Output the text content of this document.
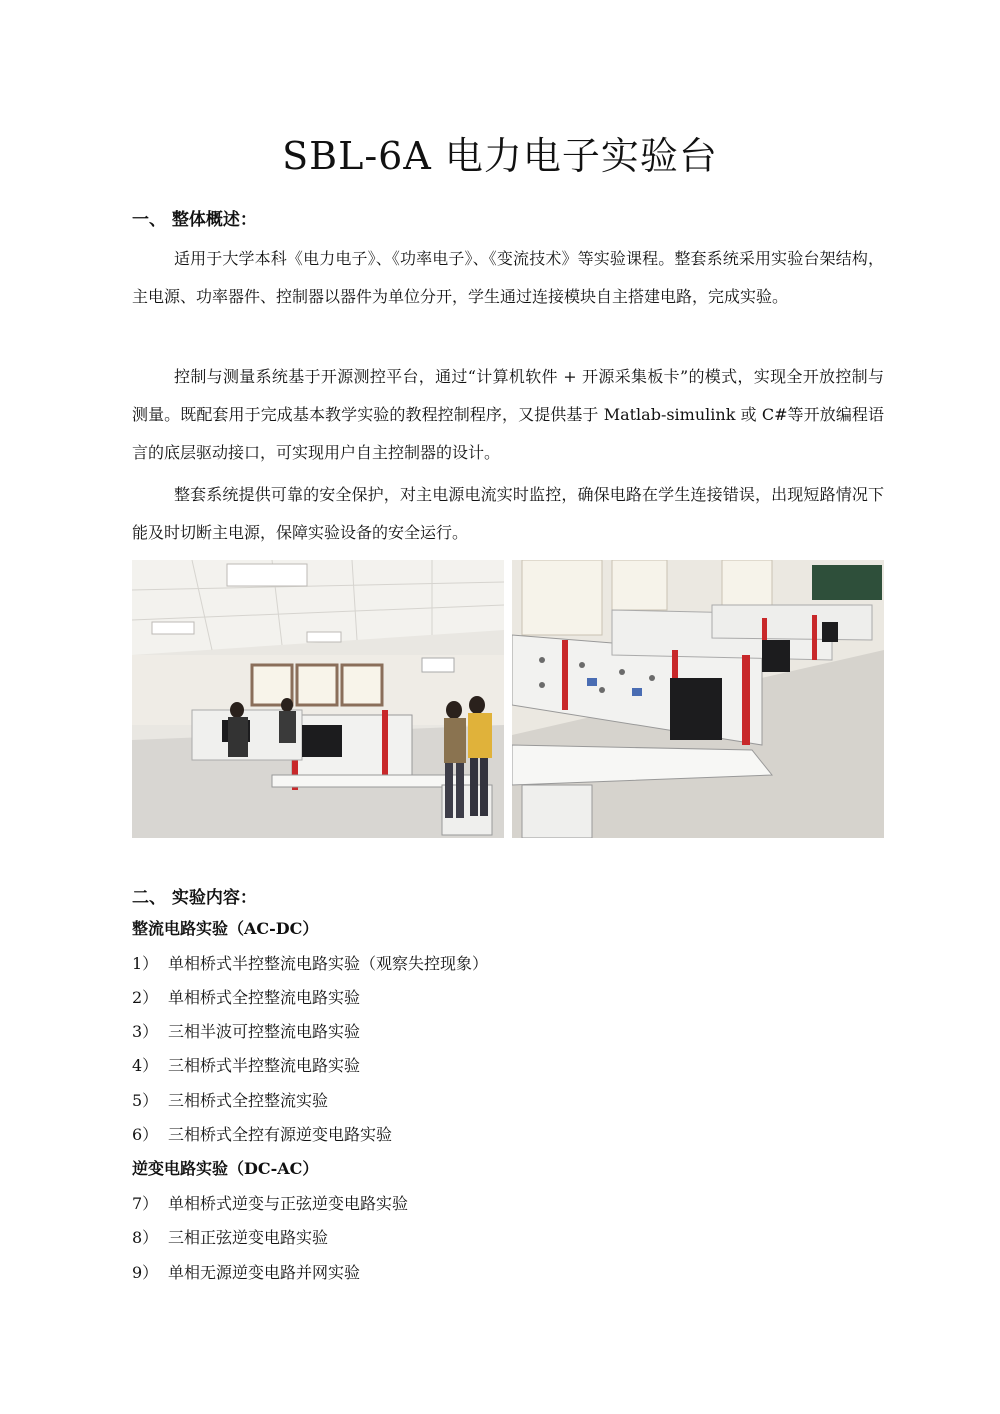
SBL-6A 电力电子实验台
一、 整体概述：
适用于大学本科《电力电子》、《功率电子》、《变流技术》等实验课程。整套系统采用实验台架结构，主电源、功率器件、控制器以器件为单位分开，学生通过连接模块自主搭建电路，完成实验。
控制与测量系统基于开源测控平台，通过“计算机软件 + 开源采集板卡”的模式，实现全开放控制与测量。既配套用于完成基本教学实验的教程控制程序，又提供基于 Matlab-simulink 或 C#等开放编程语言的底层驱动接口，可实现用户自主控制器的设计。
整套系统提供可靠的安全保护，对主电源电流实时监控，确保电路在学生连接错误，出现短路情况下能及时切断主电源，保障实验设备的安全运行。
二、 实验内容：
整流电路实验（AC-DC）
1） 单相桥式半控整流电路实验（观察失控现象）
2） 单相桥式全控整流电路实验
3） 三相半波可控整流电路实验
4） 三相桥式半控整流电路实验
5） 三相桥式全控整流实验
6） 三相桥式全控有源逆变电路实验
逆变电路实验（DC-AC）
7） 单相桥式逆变与正弦逆变电路实验
8） 三相正弦逆变电路实验
9） 单相无源逆变电路并网实验
